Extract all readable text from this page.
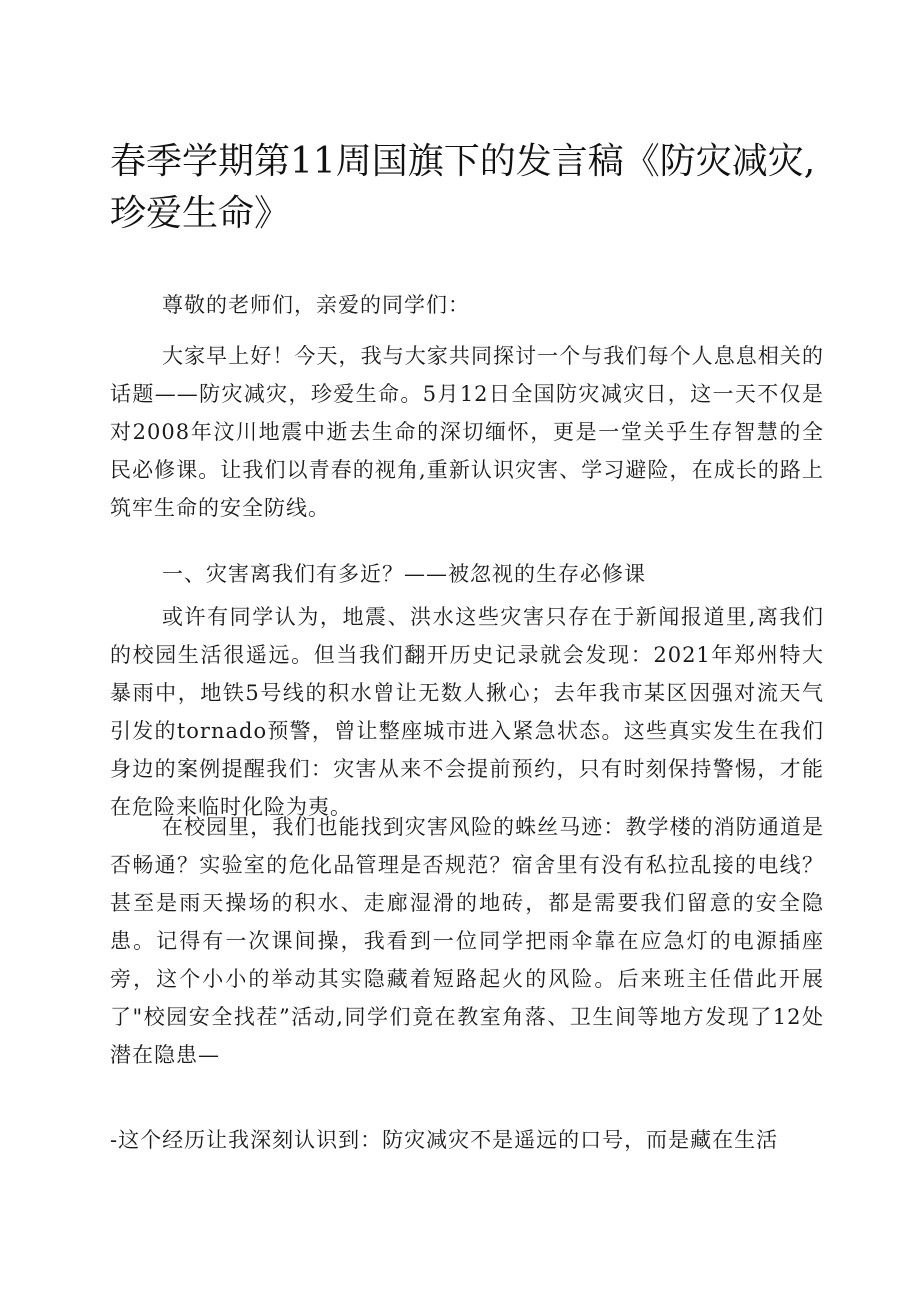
春季学期第11周国旗下的发言稿《防灾减灾,珍爱生命》

尊敬的老师们，亲爱的同学们：

大家早上好！今天，我与大家共同探讨一个与我们每个人息息相关的话题——防灾减灾，珍爱生命。5月12日全国防灾减灾日，这一天不仅是对2008年汶川地震中逝去生命的深切缅怀，更是一堂关乎生存智慧的全民必修课。让我们以青春的视角,重新认识灾害、学习避险，在成长的路上筑牢生命的安全防线。

一、灾害离我们有多近？——被忽视的生存必修课

或许有同学认为，地震、洪水这些灾害只存在于新闻报道里,离我们的校园生活很遥远。但当我们翻开历史记录就会发现：2021年郑州特大暴雨中，地铁5号线的积水曾让无数人揪心；去年我市某区因强对流天气引发的tornado预警，曾让整座城市进入紧急状态。这些真实发生在我们身边的案例提醒我们：灾害从来不会提前预约，只有时刻保持警惕，才能在危险来临时化险为夷。

在校园里，我们也能找到灾害风险的蛛丝马迹：教学楼的消防通道是否畅通？实验室的危化品管理是否规范？宿舍里有没有私拉乱接的电线？甚至是雨天操场的积水、走廊湿滑的地砖，都是需要我们留意的安全隐患。记得有一次课间操，我看到一位同学把雨伞靠在应急灯的电源插座旁，这个小小的举动其实隐藏着短路起火的风险。后来班主任借此开展了"校园安全找茬”活动,同学们竟在教室角落、卫生间等地方发现了12处潜在隐患—

-这个经历让我深刻认识到：防灾减灾不是遥远的口号，而是藏在生活
